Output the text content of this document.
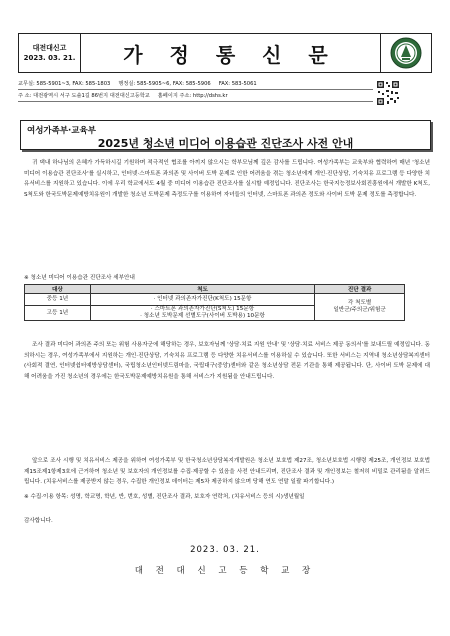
대전대신고
2023. 03. 21.	가 정 통 신 문
교무실: 585-5901~3, FAX: 585-1803 행정실: 585-5905~6, FAX: 585-5906 FAX: 583-5061
주 소: 대전광역시 서구 도솔1길 86번지 대전대신고등학교 홈페이지 주소: http://dshs.kr
여성가족부·교육부
2025년 청소년 미디어 이용습관 진단조사 사전 안내
귀 댁내 하나님의 은혜가 가득하시길 기원하며 적극적인 협조를 아끼지 않으시는 학부모님께 깊은 감사를 드립니다. 여성가족부는 교육부와 협력하여 매년 '청소년 미디어 이용습관 진단조사'를 실시하고, 인터넷·스마트폰 과의존 및 사이버 도박 문제로 인한 어려움을 겪는 청소년에게 개인·진단상담, 기숙치유 프로그램 등 다양한 치유서비스를 지원하고 있습니다. 이에 우리 학교에서도 4월 중 미디어 이용습관 진단조사를 실시할 예정입니다. 진단조사는 한국지능정보사회진흥원에서 개발한 K척도, S척도와 한국도박문제예방치유원이 개발한 청소년 도박문제 측정도구를 이용하여 자녀들의 인터넷, 스마트폰 과의존 정도와 사이버 도박 문제 정도를 측정합니다.
※ 청소년 미디어 이용습관 진단조사 세부안내
대상	척도	진단 결과
중등 1년	· 인터넷 과의존자가진단(K척도) 15문항	각 척도별
일반군/주의군/위험군

고등 1년	· 스마트폰 과의존자가진단(S척도) 15문항
· 청소년 도박문제 선별도구(사이버 도박용) 10문항	
조사 결과 미디어 과의존 주의 또는 위험 사용자군에 해당하는 경우, 보호자님께 '상담·치료 지원 안내' 및 '상담·치료 서비스 제공 동의서'를 보내드릴 예정입니다. 동의하시는 경우, 여성가족부에서 지원하는 개인·진단상담, 기숙치유 프로그램 등 다양한 치유서비스를 이용하실 수 있습니다. 또한 서비스는 지역내 청소년상담복지센터(사회적 결연, 인터넷쉼터예방상담센터), 국립청소년인터넷드림마을, 국립대구(중앙)센터와 같은 청소년상담 전문 기관을 통해 제공됩니다. 단, 사이버 도박 문제에 대해 어려움을 가진 청소년의 경우에는 한국도박문제예방치유원을 통해 서비스가 지원됨을 안내드립니다.
앞으로 조사 시행 및 치유서비스 제공을 위하여 여성가족부 및 한국청소년상담복지개발원은 청소년 보호법 제27조, 청소년보호법 시행령 제25조, 개인정보 보호법 제15조제1항제3호에 근거하여 청소년 및 보호자의 개인정보를 수집·제공할 수 있음을 사전 안내드리며, 진단조사 결과 및 개인정보는 철저히 비밀로 관리됨을 알려드립니다. (치유서비스를 제공받지 않는 경우, 수집한 개인정보 데이터는 제5차 제공하지 않으며 당해 연도 연말 일괄 파기합니다.)
※ 수집·이용 항목: 성명, 학교명, 학년, 반, 번호, 성별, 진단조사 결과, 보호자 연락처, (치유서비스 등의 시)생년월일
감사합니다.
2023. 03. 21.
대 전 대 신 고 등 학 교 장
